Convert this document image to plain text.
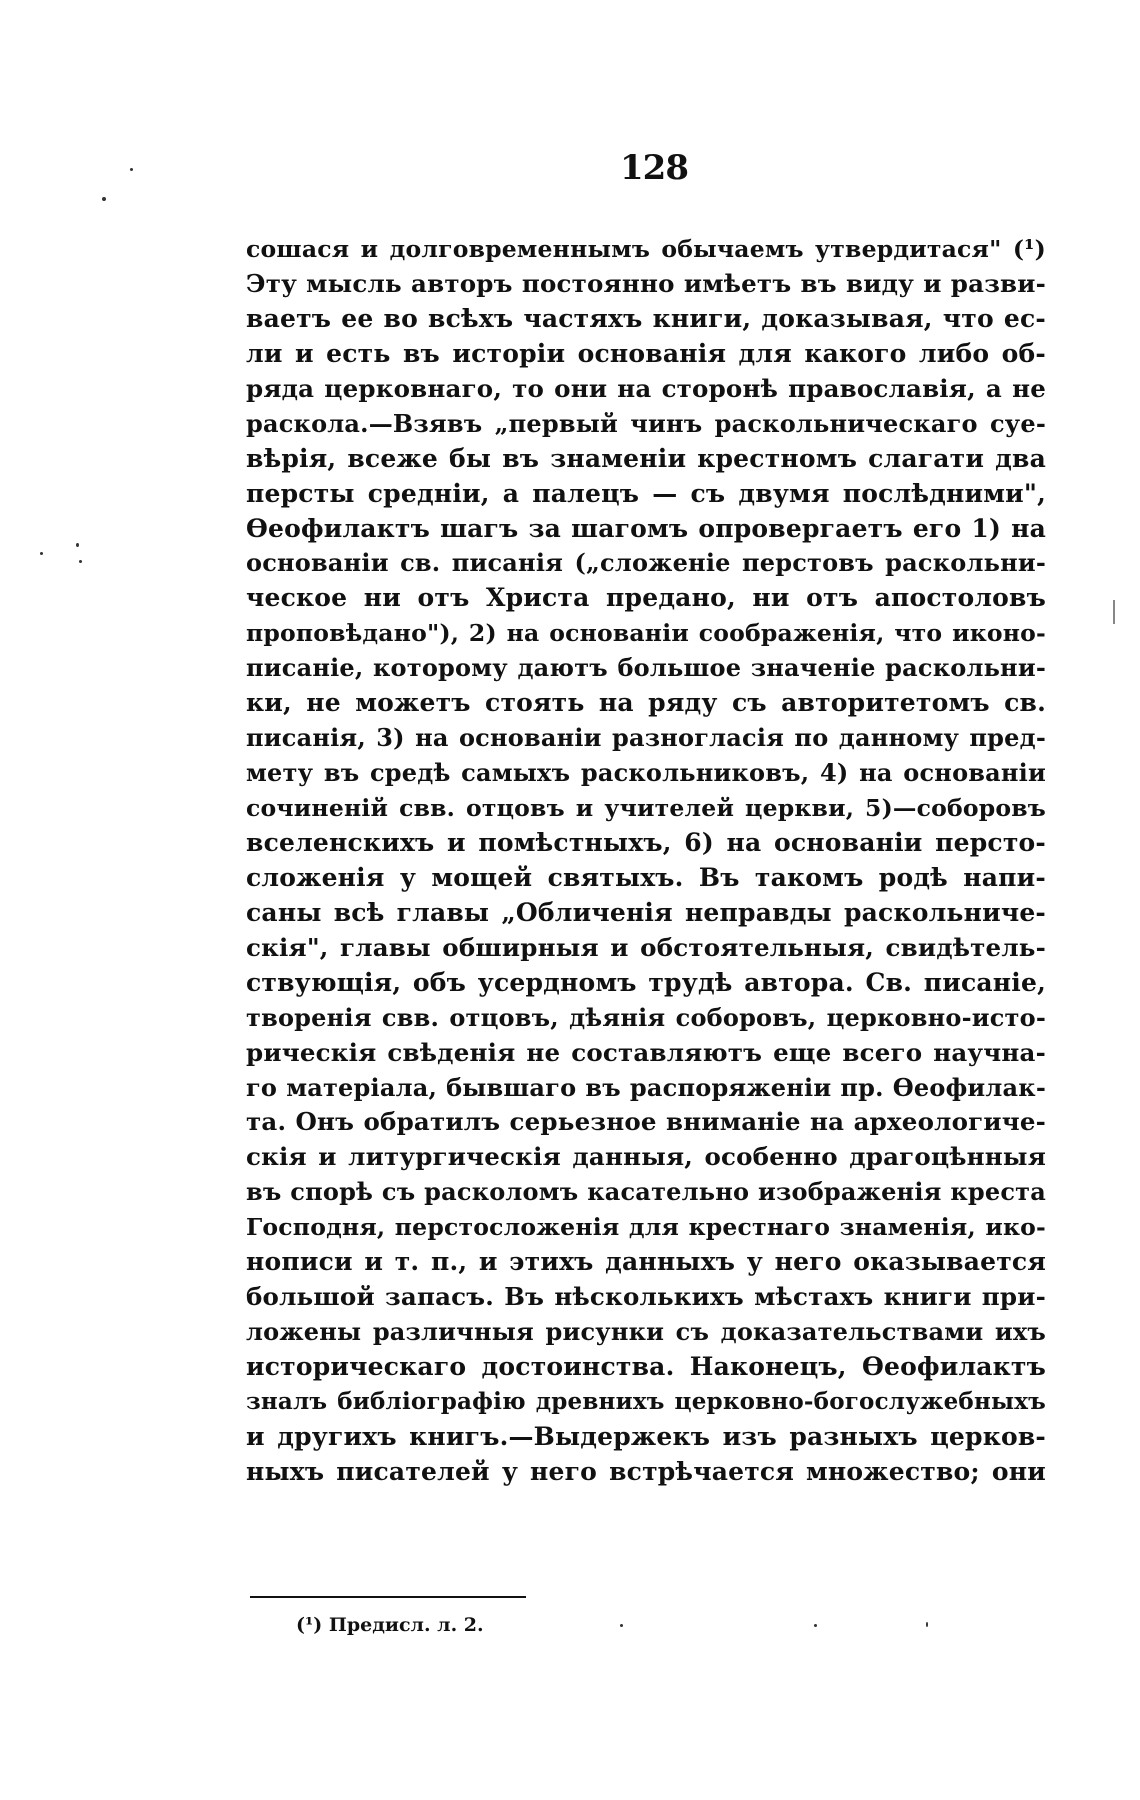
128
сошася и долговременнымъ обычаемъ утвердитася" (¹)
Эту мысль авторъ постоянно имѣетъ въ виду и разви-
ваетъ ее во всѣхъ частяхъ книги, доказывая, что ес-
ли и есть въ исторіи основанія для какого либо об-
ряда церковнаго, то они на сторонѣ православія, а не
раскола.—Взявъ „первый чинъ раскольническаго суе-
вѣрія, всеже бы въ знаменіи крестномъ слагати два
персты средніи, а палецъ — съ двумя послѣдними",
Ѳеофилактъ шагъ за шагомъ опровергаетъ его 1) на
основаніи св. писанія („сложеніе перстовъ раскольни-
ческое ни отъ Христа предано, ни отъ апостоловъ
проповѣдано"), 2) на основаніи соображенія, что иконо-
писаніе, которому даютъ большое значеніе раскольни-
ки, не можетъ стоять на ряду съ авторитетомъ св.
писанія, 3) на основаніи разногласія по данному пред-
мету въ средѣ самыхъ раскольниковъ, 4) на основаніи
сочиненій свв. отцовъ и учителей церкви, 5)—соборовъ
вселенскихъ и помѣстныхъ, 6) на основаніи персто-
сложенія у мощей святыхъ. Въ такомъ родѣ напи-
саны всѣ главы „Обличенія неправды раскольниче-
скія", главы обширныя и обстоятельныя, свидѣтель-
ствующія, объ усердномъ трудѣ автора. Св. писаніе,
творенія свв. отцовъ, дѣянія соборовъ, церковно-исто-
рическія свѣденія не составляютъ еще всего научна-
го матеріала, бывшаго въ распоряженіи пр. Ѳеофилак-
та. Онъ обратилъ серьезное вниманіе на археологиче-
скія и литургическія данныя, особенно драгоцѣнныя
въ спорѣ съ расколомъ касательно изображенія креста
Господня, перстосложенія для крестнаго знаменія, ико-
нописи и т. п., и этихъ данныхъ у него оказывается
большой запасъ. Въ нѣсколькихъ мѣстахъ книги при-
ложены различныя рисунки съ доказательствами ихъ
историческаго достоинства. Наконецъ, Ѳеофилактъ
зналъ библіографію древнихъ церковно-богослужебныхъ
и другихъ книгъ.—Выдержекъ изъ разныхъ церков-
ныхъ писателей у него встрѣчается множество; они
(¹) Предисл. л. 2.
